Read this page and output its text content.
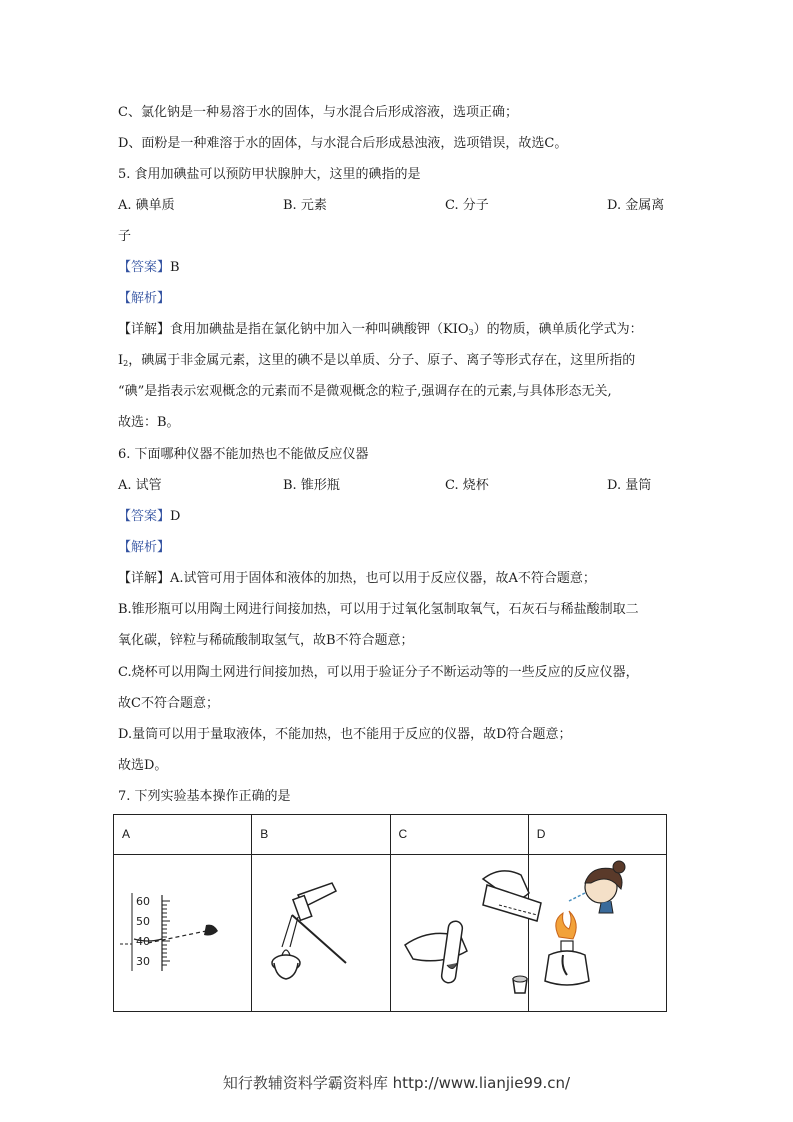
C、氯化钠是一种易溶于水的固体，与水混合后形成溶液，选项正确；
D、面粉是一种难溶于水的固体，与水混合后形成悬浊液，选项错误，故选C。
5. 食用加碘盐可以预防甲状腺肿大，这里的碘指的是
A. 碘单质	B. 元素	C. 分子	D. 金属离
子
【答案】B
【解析】
【详解】食用加碘盐是指在氯化钠中加入一种叫碘酸钾$(KIO_3)$的物质，碘单质化学式为：
$I_2$，碘属于非金属元素，这里的碘不是以单质、分子、原子、离子等形式存在，这里所指的
“碘”是指表示宏观概念的元素而不是微观概念的粒子,强调存在的元素,与具体形态无关,
故选：B。
6. 下面哪种仪器不能加热也不能做反应仪器
A. 试管	B. 锥形瓶	C. 烧杯	D. 量筒
【答案】D
【解析】
【详解】A.试管可用于固体和液体的加热，也可以用于反应仪器，故A不符合题意；
B.锥形瓶可以用陶土网进行间接加热，可以用于过氧化氢制取氧气，石灰石与稀盐酸制取二
氧化碳，锌粒与稀硫酸制取氢气，故B不符合题意；
C.烧杯可以用陶土网进行间接加热，可以用于验证分子不断运动等的一些反应的反应仪器，
故C不符合题意；
D.量筒可以用于量取液体，不能加热，也不能用于反应的仪器，故D符合题意；
故选D。
7. 下列实验基本操作正确的是
A	B	C	D

60
50
40
30

知行教辅资料学霸资料库 http://www.lianjie99.cn/
